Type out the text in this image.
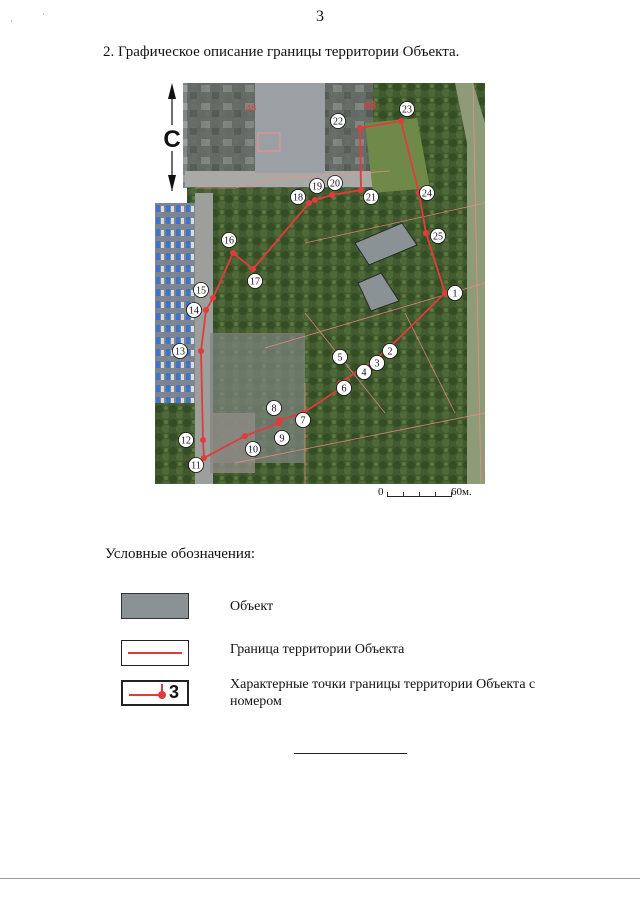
3
ˌ	ˈ
2. Графическое описание границы территории Объекта.
С
43
48
1
2
3
4
5
6
7
8
9
10
11
12
13
14
15
16
17
18
19 20
21
22
23
24
25
0	60м.
Условные обозначения:
Объект
Граница территории Объекта
3	Характерные точки границы территории Объекта с номером
